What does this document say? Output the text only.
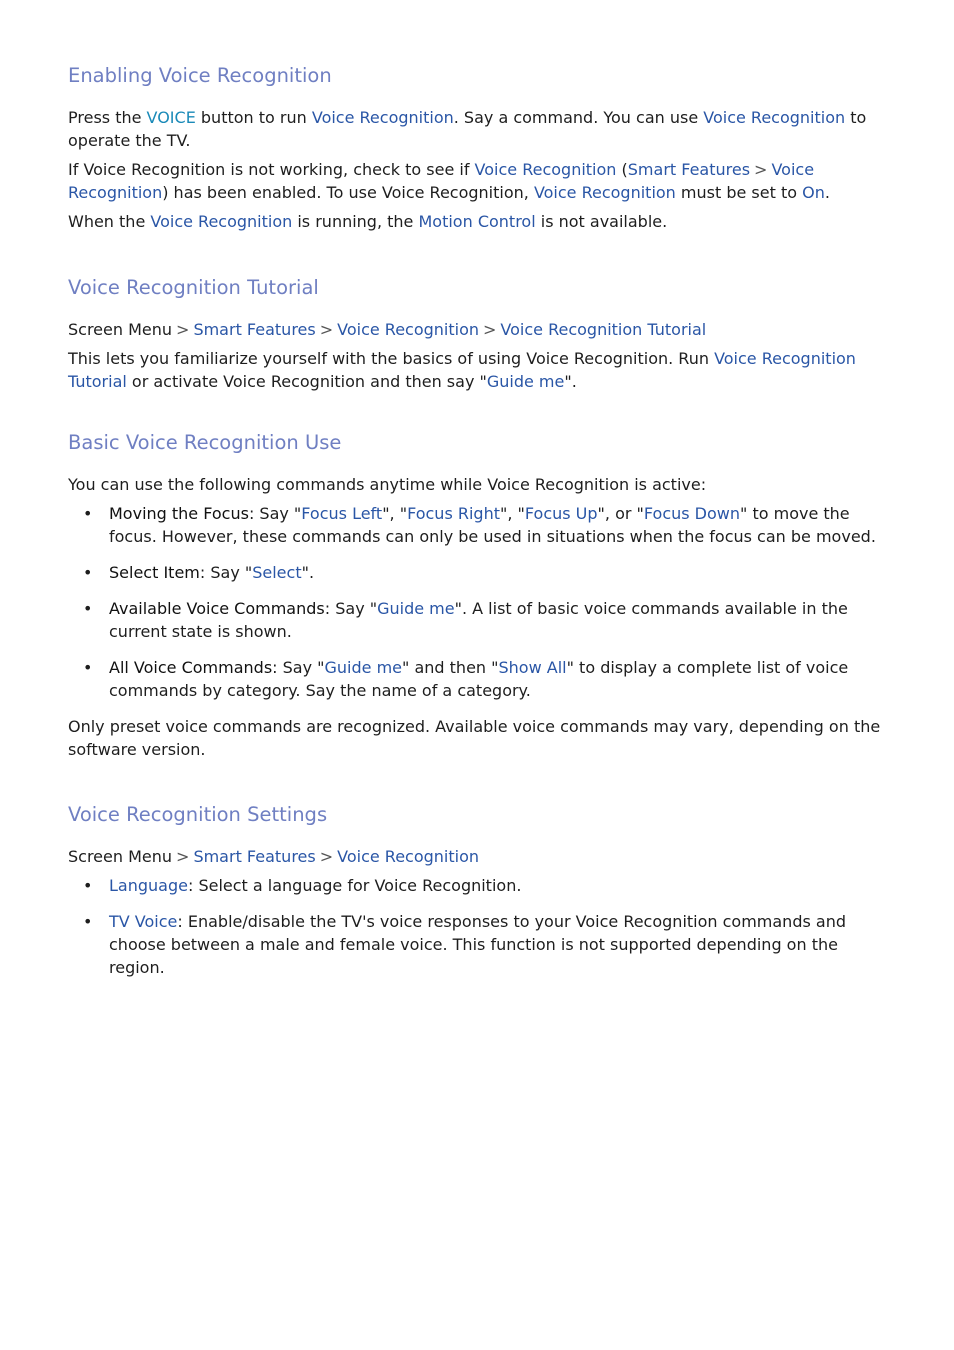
Enabling Voice Recognition

Press the VOICE button to run Voice Recognition. Say a command. You can use Voice Recognition to operate the TV.

If Voice Recognition is not working, check to see if Voice Recognition (Smart Features > Voice Recognition) has been enabled. To use Voice Recognition, Voice Recognition must be set to On.

When the Voice Recognition is running, the Motion Control is not available.

Voice Recognition Tutorial

Screen Menu > Smart Features > Voice Recognition > Voice Recognition Tutorial

This lets you familiarize yourself with the basics of using Voice Recognition. Run Voice Recognition Tutorial or activate Voice Recognition and then say "Guide me".

Basic Voice Recognition Use

You can use the following commands anytime while Voice Recognition is active:

• Moving the Focus: Say "Focus Left", "Focus Right", "Focus Up", or "Focus Down" to move the focus. However, these commands can only be used in situations when the focus can be moved.
• Select Item: Say "Select".
• Available Voice Commands: Say "Guide me". A list of basic voice commands available in the current state is shown.
• All Voice Commands: Say "Guide me" and then "Show All" to display a complete list of voice commands by category. Say the name of a category.

Only preset voice commands are recognized. Available voice commands may vary, depending on the software version.

Voice Recognition Settings

Screen Menu > Smart Features > Voice Recognition

• Language: Select a language for Voice Recognition.
• TV Voice: Enable/disable the TV's voice responses to your Voice Recognition commands and choose between a male and female voice. This function is not supported depending on the region.
